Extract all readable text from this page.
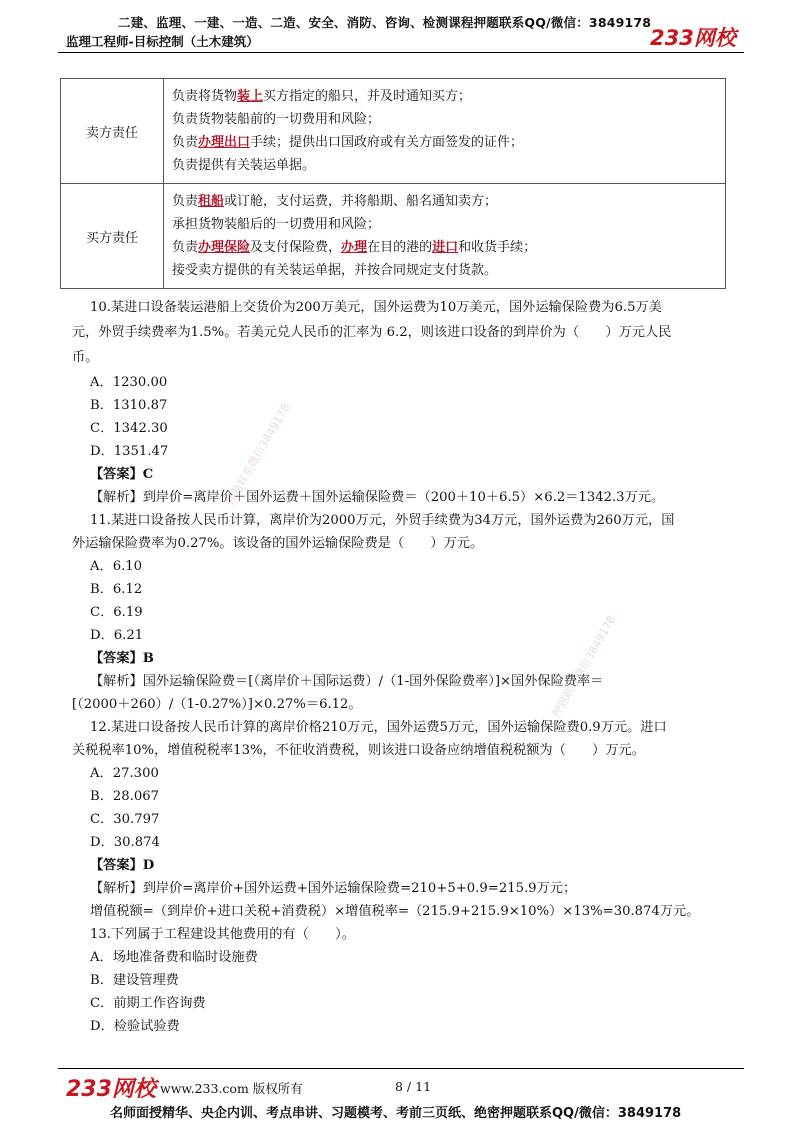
二建、监理、一建、一造、二造、安全、消防、咨询、检测课程押题联系QQ/微信：3849178
监理工程师-目标控制（土木建筑）	233网校
卖方责任	负责将货物装上买方指定的船只，并及时通知买方；
负责货物装船前的一切费用和风险；
负责办理出口手续；提供出口国政府或有关方面签发的证件；
负责提供有关装运单据。

买方责任	负责租船或订舱，支付运费，并将船期、船名通知卖方；
承担货物装船后的一切费用和风险；
负责办理保险及支付保险费，办理在目的港的进口和收货手续；
接受卖方提供的有关装运单据，并按合同规定支付货款。
10.某进口设备装运港船上交货价为200万美元，国外运费为10万美元，国外运输保险费为6.5万美
元，外贸手续费率为1.5%。若美元兑人民币的汇率为 6.2，则该进口设备的到岸价为（　　）万元人民
币。
A．1230.00
B．1310.87
C．1342.30
D．1351.47
【答案】C
【解析】到岸价=离岸价＋国外运费＋国外运输保险费＝（200＋10＋6.5）×6.2＝1342.3万元。
11.某进口设备按人民币计算，离岸价为2000万元，外贸手续费为34万元，国外运费为260万元，国
外运输保险费率为0.27%。该设备的国外运输保险费是（　　）万元。
A．6.10
B．6.12
C．6.19
D．6.21
【答案】B
【解析】国外运输保险费＝[（离岸价＋国际运费）/（1-国外保险费率）]×国外保险费率＝
[（2000＋260）/（1-0.27%）]×0.27%＝6.12。
12.某进口设备按人民币计算的离岸价格210万元，国外运费5万元，国外运输保险费0.9万元。进口
关税税率10%，增值税税率13%，不征收消费税，则该进口设备应纳增值税税额为（　　）万元。
A．27.300
B．28.067
C．30.797
D．30.874
【答案】D
【解析】到岸价=离岸价+国外运费+国外运输保险费=210+5+0.9=215.9万元；
增值税额=（到岸价+进口关税+消费税）×增值税率=（215.9+215.9×10%）×13%=30.874万元。
13.下列属于工程建设其他费用的有（　　）。
A．场地准备费和临时设施费
B．建设管理费
C．前期工作咨询费
D．检验试验费
押题联系微信3849178
押题联系微信3849178
233网校 www.233.com 版权所有	8 / 11
名师面授精华、央企内训、考点串讲、习题模考、考前三页纸、绝密押题联系QQ/微信：3849178
